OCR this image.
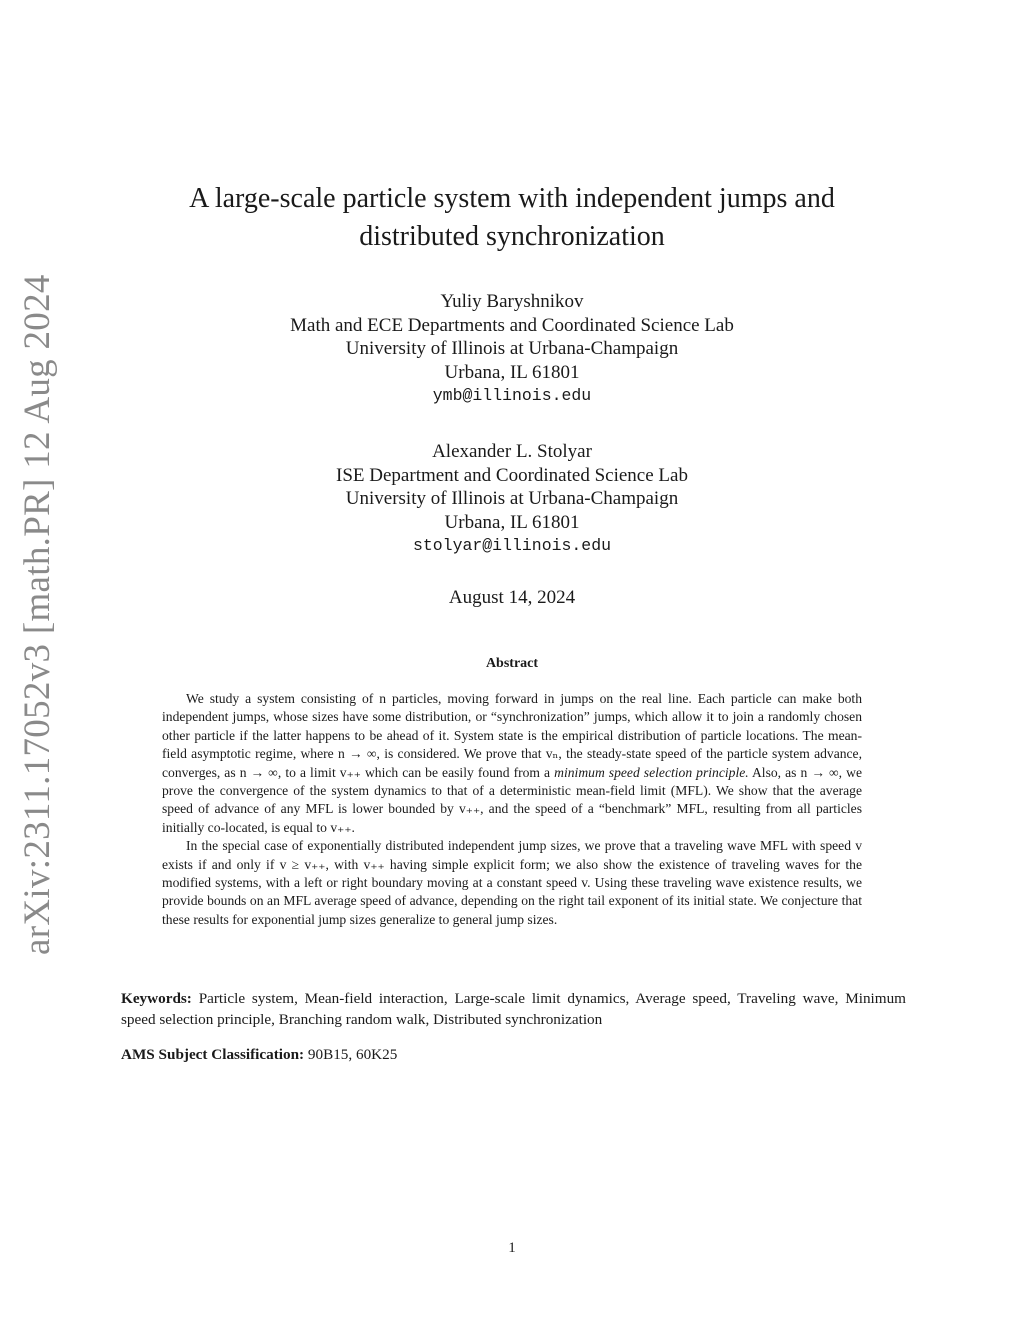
arXiv:2311.17052v3 [math.PR] 12 Aug 2024
A large-scale particle system with independent jumps and distributed synchronization
Yuliy Baryshnikov
Math and ECE Departments and Coordinated Science Lab
University of Illinois at Urbana-Champaign
Urbana, IL 61801
ymb@illinois.edu
Alexander L. Stolyar
ISE Department and Coordinated Science Lab
University of Illinois at Urbana-Champaign
Urbana, IL 61801
stolyar@illinois.edu
August 14, 2024
Abstract

We study a system consisting of n particles, moving forward in jumps on the real line. Each particle can make both independent jumps, whose sizes have some distribution, or “synchronization” jumps, which allow it to join a randomly chosen other particle if the latter happens to be ahead of it. System state is the empirical distribution of particle locations. The mean-field asymptotic regime, where n → ∞, is considered. We prove that vₙ, the steady-state speed of the particle system advance, converges, as n → ∞, to a limit v₊₊ which can be easily found from a minimum speed selection principle. Also, as n → ∞, we prove the convergence of the system dynamics to that of a deterministic mean-field limit (MFL). We show that the average speed of advance of any MFL is lower bounded by v₊₊, and the speed of a “benchmark” MFL, resulting from all particles initially co-located, is equal to v₊₊.

In the special case of exponentially distributed independent jump sizes, we prove that a traveling wave MFL with speed v exists if and only if v ≥ v₊₊, with v₊₊ having simple explicit form; we also show the existence of traveling waves for the modified systems, with a left or right boundary moving at a constant speed v. Using these traveling wave existence results, we provide bounds on an MFL average speed of advance, depending on the right tail exponent of its initial state. We conjecture that these results for exponential jump sizes generalize to general jump sizes.

Keywords: Particle system, Mean-field interaction, Large-scale limit dynamics, Average speed, Traveling wave, Minimum speed selection principle, Branching random walk, Distributed synchronization
AMS Subject Classification: 90B15, 60K25
1
